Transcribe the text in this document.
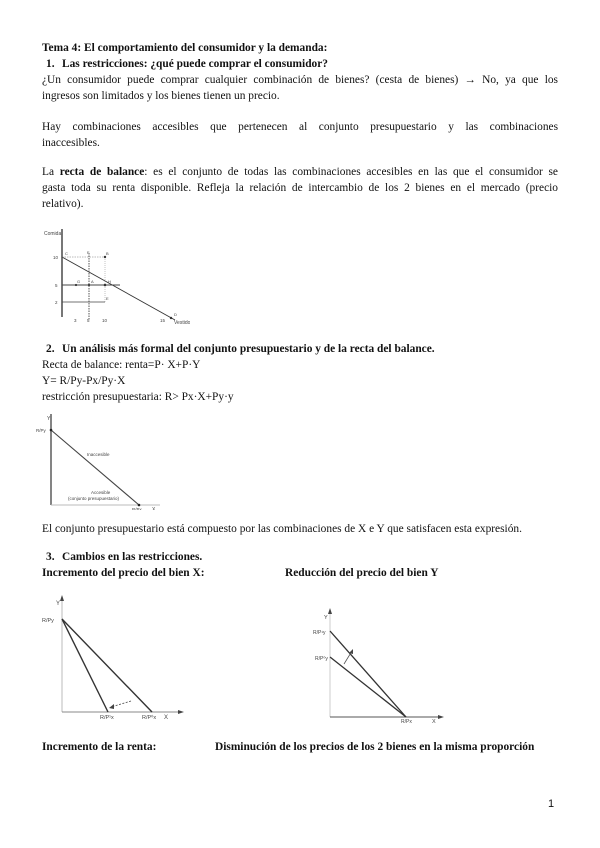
Tema 4: El comportamiento del consumidor y la demanda:
1. Las restricciones: ¿qué puede comprar el consumidor?
¿Un consumidor puede comprar cualquier combinación de bienes? (cesta de bienes) → No, ya que los
ingresos son limitados y los bienes tienen un precio.
Hay combinaciones accesibles que pertenecen al conjunto presupuestario y las combinaciones
inaccesibles.
La recta de balance: es el conjunto de todas las combinaciones accesibles en las que el consumidor se
gasta toda su renta disponible. Refleja la relación de intercambio de los 2 bienes en el mercado (precio
relativo).
Comida
Vestido
10
5
2
3 5	10	15
C	F	B
G	A	H
E
D
2. Un análisis más formal del conjunto presupuestario y de la recta del balance.
Recta de balance: renta=P· X+P·Y
Y= R/Py-Px/Py·X
restricción presupuestaria: R> Px·X+Py·y
Y
X
R/Py
R/Px
Inaccesible
Accesible
(conjunto presupuestario)
El conjunto presupuestario está compuesto por las combinaciones de X e Y que satisfacen esta expresión.
3. Cambios en las restricciones.
Incremento del precio del bien X:	Reducción del precio del bien Y
Y
X
R/Py
R/P¹x	R/P⁰x
Y
X
R/P¹y
R/P⁰y
R/Px
Incremento de la renta:	Disminución de los precios de los 2 bienes en la misma proporción
1
